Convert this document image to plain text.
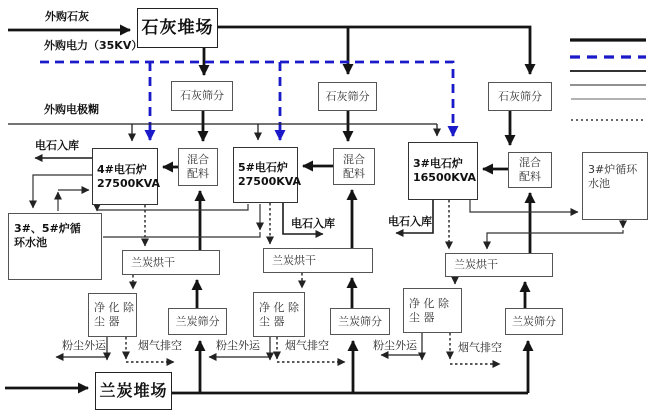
石灰堆场
石灰筛分	石灰筛分	石灰筛分
4#电石炉
27500KVA
5#电石炉
27500KVA
3#电石炉
16500KVA
混合
配料
混合
配料
混合
配料
3#、5#炉循
环水池
3#炉循环
水池
兰炭烘干	兰炭烘干	兰炭烘干
净 化 除
尘 器
净 化 除
尘 器
净 化 除
尘 器
兰炭筛分	兰炭筛分	兰炭筛分
兰炭堆场
外购石灰
外购电力（35KV）
外购电极糊
电石入库
电石入库	电石入库
粉尘外运	粉尘外运	粉尘外运
烟气排空	烟气排空	烟气排空
